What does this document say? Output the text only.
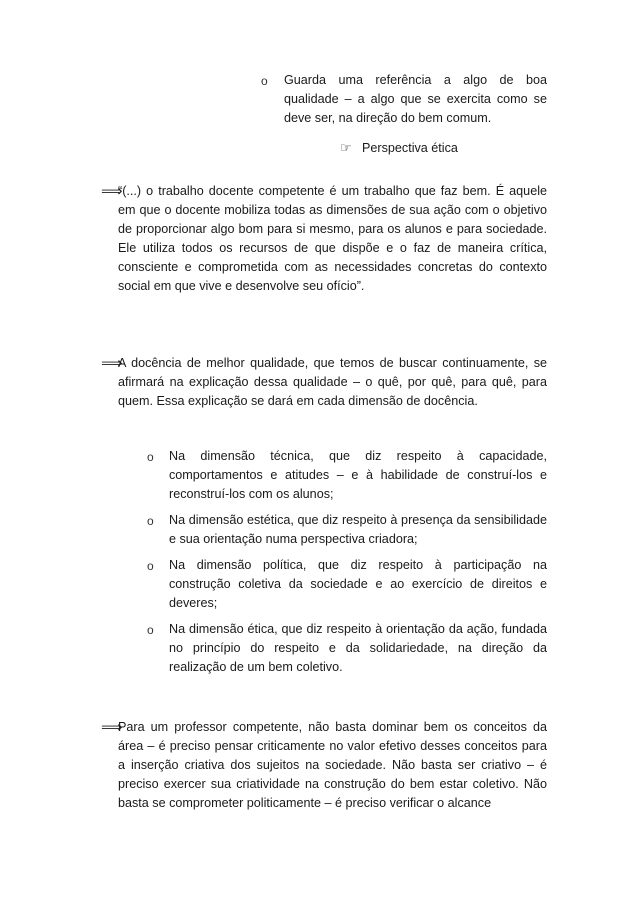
o Guarda uma referência a algo de boa qualidade – a algo que se exercita como se deve ser, na direção do bem comum.
☞ Perspectiva ética
⟹
“(...) o trabalho docente competente é um trabalho que faz bem. É aquele em que o docente mobiliza todas as dimensões de sua ação com o objetivo de proporcionar algo bom para si mesmo, para os alunos e para sociedade. Ele utiliza todos os recursos de que dispõe e o faz de maneira crítica, consciente e comprometida com as necessidades concretas do contexto social em que vive e desenvolve seu ofício”.
⟹
A docência de melhor qualidade, que temos de buscar continuamente, se afirmará na explicação dessa qualidade – o quê, por quê, para quê, para quem. Essa explicação se dará em cada dimensão de docência.
o Na dimensão técnica, que diz respeito à capacidade, comportamentos e atitudes – e à habilidade de construí-los e reconstruí-los com os alunos;
o Na dimensão estética, que diz respeito à presença da sensibilidade e sua orientação numa perspectiva criadora;
o Na dimensão política, que diz respeito à participação na construção coletiva da sociedade e ao exercício de direitos e deveres;
o Na dimensão ética, que diz respeito à orientação da ação, fundada no princípio do respeito e da solidariedade, na direção da realização de um bem coletivo.
⟹
Para um professor competente, não basta dominar bem os conceitos da área – é preciso pensar criticamente no valor efetivo desses conceitos para a inserção criativa dos sujeitos na sociedade. Não basta ser criativo – é preciso exercer sua criatividade na construção do bem estar coletivo. Não basta se comprometer politicamente – é preciso verificar o alcance
